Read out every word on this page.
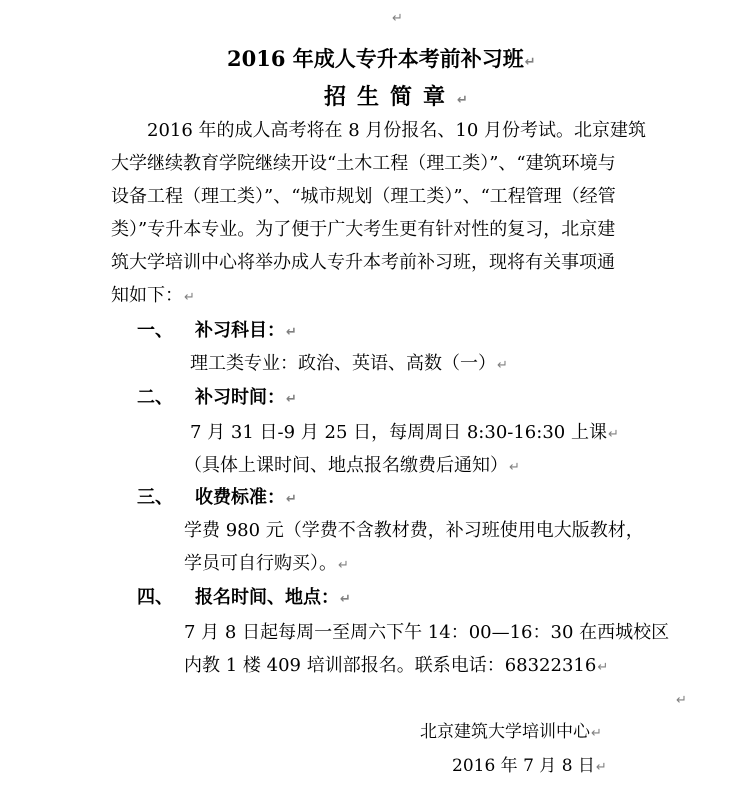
↵
2016 年成人专升本考前补习班↵
招生简章↵
2016 年的成人高考将在 8 月份报名、10 月份考试。北京建筑
大学继续教育学院继续开设“土木工程（理工类）”、“建筑环境与
设备工程（理工类）”、“城市规划（理工类）”、“工程管理（经管
类）”专升本专业。为了便于广大考生更有针对性的复习，北京建
筑大学培训中心将举办成人专升本考前补习班，现将有关事项通
知如下：↵
一、 补习科目：↵
理工类专业：政治、英语、高数（一）↵
二、 补习时间：↵
7 月 31 日-9 月 25 日，每周周日 8:30-16:30 上课↵
（具体上课时间、地点报名缴费后通知）↵
三、 收费标准：↵
学费 980 元（学费不含教材费，补习班使用电大版教材，
学员可自行购买）。↵
四、 报名时间、地点：↵
7 月 8 日起每周一至周六下午 14：00—16：30 在西城校区
内教 1 楼 409 培训部报名。联系电话：68322316↵
↵
北京建筑大学培训中心↵
2016 年 7 月 8 日↵
